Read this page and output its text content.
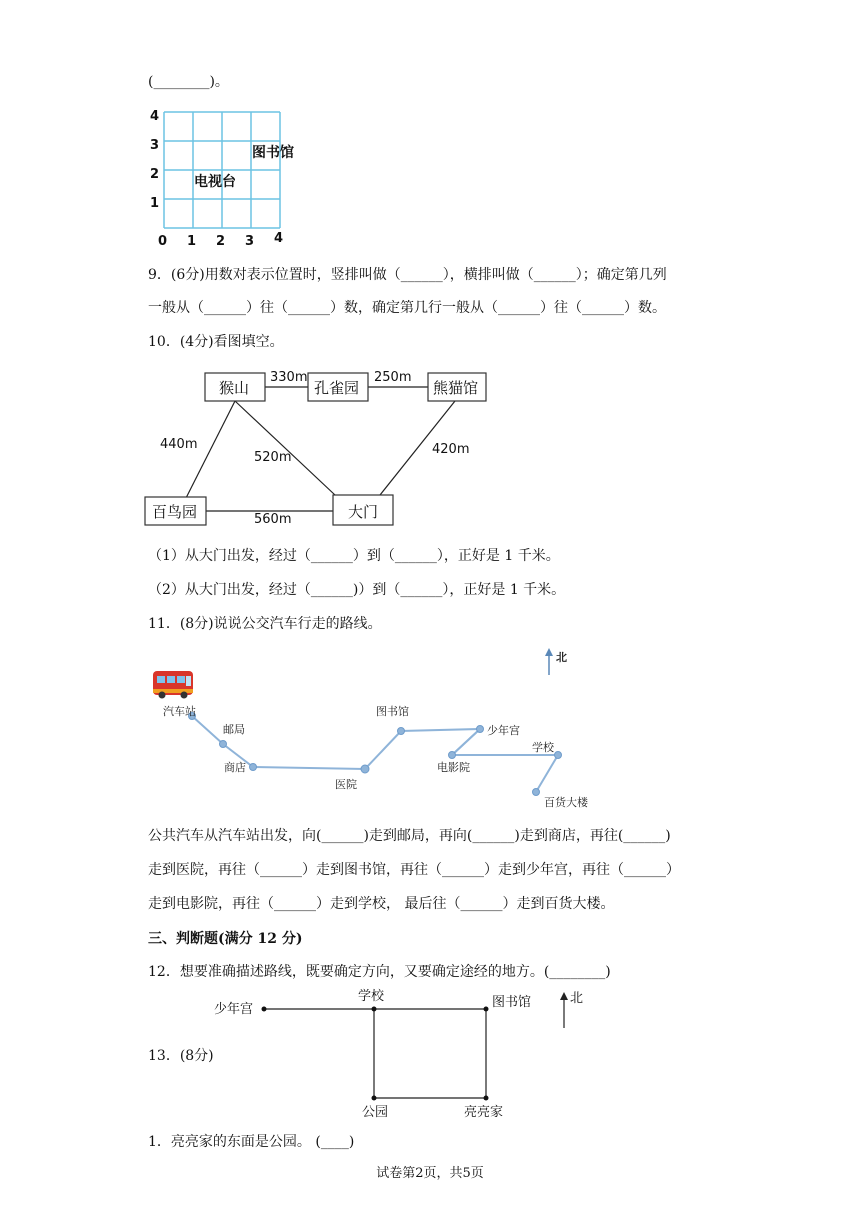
(________)。
4
3
2
1
0 1 2 3 4
图书馆
电视台
9．(6分)用数对表示位置时，竖排叫做（______），横排叫做（______）；确定第几列
一般从（______）往（______）数，确定第几行一般从（______）往（______）数。
10．(4分)看图填空。
猴山	孔雀园	熊猫馆
百鸟园	大门
330m	250m
440m
520m
420m
560m
（1）从大门出发，经过（______）到（______），正好是 1 千米。
（2）从大门出发，经过（______)）到（______），正好是 1 千米。
11．(8分)说说公交汽车行走的路线。
北
汽车站
邮局
商店
医院
图书馆
少年宫
电影院
学校
百货大楼
公共汽车从汽车站出发，向(______)走到邮局，再向(______)走到商店，再往(______)
走到医院，再往（______）走到图书馆，再往（______）走到少年宫，再往（______）
走到电影院，再往（______）走到学校， 最后往（______）走到百货大楼。
三、判断题(满分 12 分)
12．想要准确描述路线，既要确定方向，又要确定途经的地方。(________)
少年宫
学校	图书馆	北
公园	亮亮家
13．(8分)
1．亮亮家的东面是公园。 (____)
试卷第2页，共5页
